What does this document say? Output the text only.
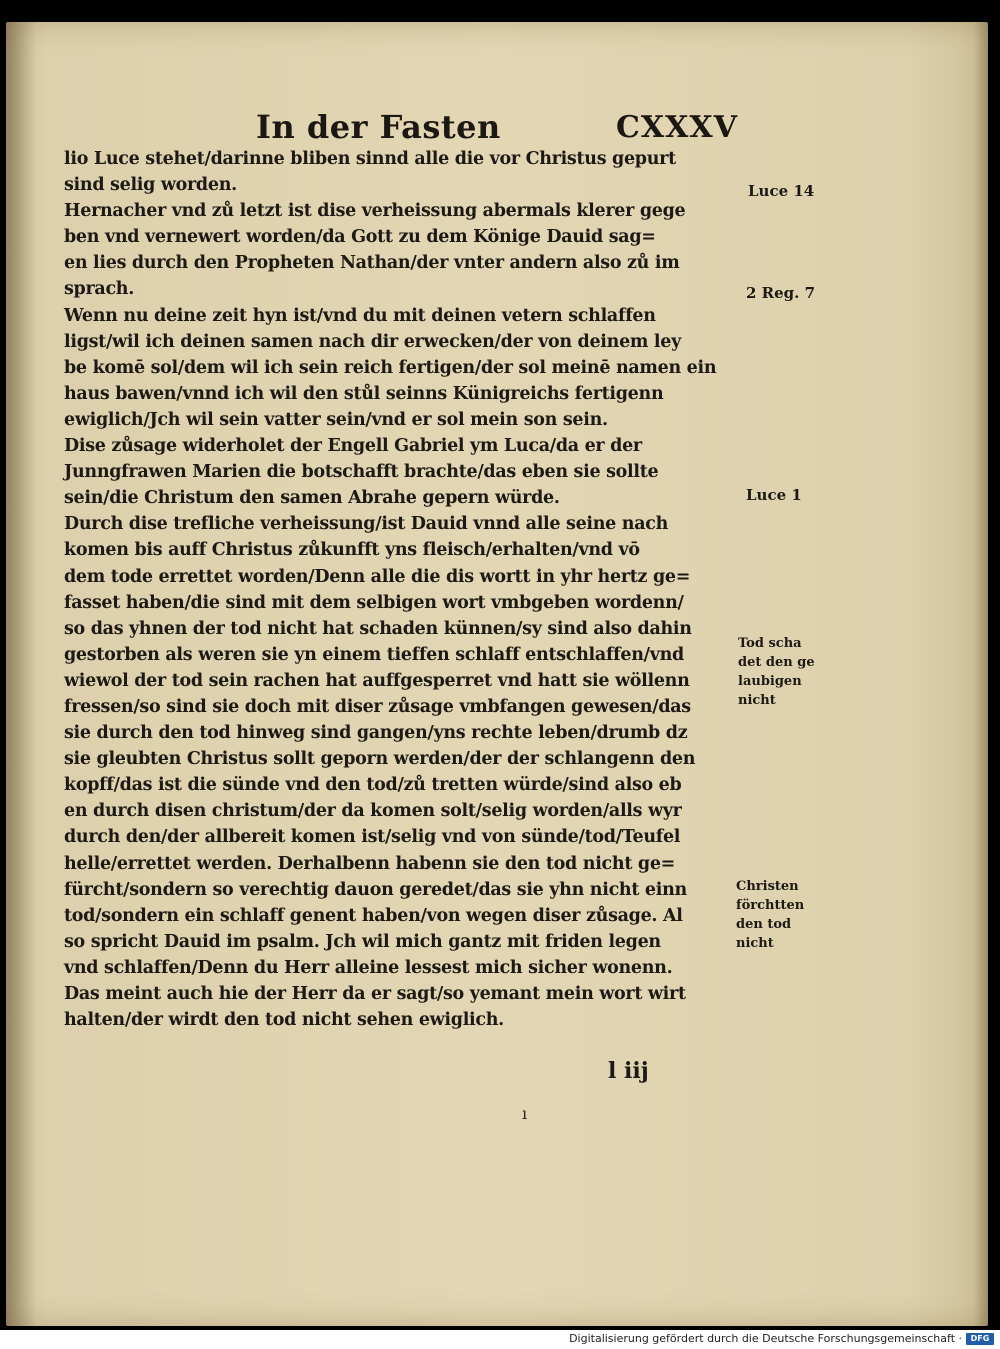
In der Fasten	CXXXV
lio Luce stehet/darinne bliben sinnd alle die vor Christus gepurt
sind selig worden.
Hernacher vnd zů letzt ist dise verheissung abermals klerer gege
ben vnd vernewert worden/da Gott zu dem Könige Dauid sag=
en lies durch den Propheten Nathan/der vnter andern also zů im
sprach.
Wenn nu deine zeit hyn ist/vnd du mit deinen vetern schlaffen
ligst/wil ich deinen samen nach dir erwecken/der von deinem ley
be komē sol/dem wil ich sein reich fertigen/der sol meinē namen ein
haus bawen/vnnd ich wil den stůl seinns Künigreichs fertigenn
ewiglich/Jch wil sein vatter sein/vnd er sol mein son sein.
Dise zůsage widerholet der Engell Gabriel ym Luca/da er der
Junngfrawen Marien die botschafft brachte/das eben sie sollte
sein/die Christum den samen Abrahe gepern würde.
Durch dise trefliche verheissung/ist Dauid vnnd alle seine nach
komen bis auff Christus zůkunfft yns fleisch/erhalten/vnd vō
dem tode errettet worden/Denn alle die dis wortt in yhr hertz ge=
fasset haben/die sind mit dem selbigen wort vmbgeben wordenn/
so das yhnen der tod nicht hat schaden künnen/sy sind also dahin
gestorben als weren sie yn einem tieffen schlaff entschlaffen/vnd
wiewol der tod sein rachen hat auffgesperret vnd hatt sie wöllenn
fressen/so sind sie doch mit diser zůsage vmbfangen gewesen/das
sie durch den tod hinweg sind gangen/yns rechte leben/drumb dz
sie gleubten Christus sollt geporn werden/der der schlangenn den
kopff/das ist die sünde vnd den tod/zů tretten würde/sind also eb
en durch disen christum/der da komen solt/selig worden/alls wyr
durch den/der allbereit komen ist/selig vnd von sünde/tod/Teufel
helle/errettet werden. Derhalbenn habenn sie den tod nicht ge=
fürcht/sondern so verechtig dauon geredet/das sie yhn nicht einn
tod/sondern ein schlaff genent haben/von wegen diser zůsage. Al
so spricht Dauid im psalm. Jch wil mich gantz mit friden legen
vnd schlaffen/Denn du Herr alleine lessest mich sicher wonenn.
Das meint auch hie der Herr da er sagt/so yemant mein wort wirt
halten/der wirdt den tod nicht sehen ewiglich.
Luce 14
2 Reg. 7
Luce 1
Tod scha
det den ge
laubigen
nicht
Christen
förchtten
den tod
nicht
l iij
ı
Digitalisierung gefördert durch die Deutsche Forschungsgemeinschaft ·	DFG
